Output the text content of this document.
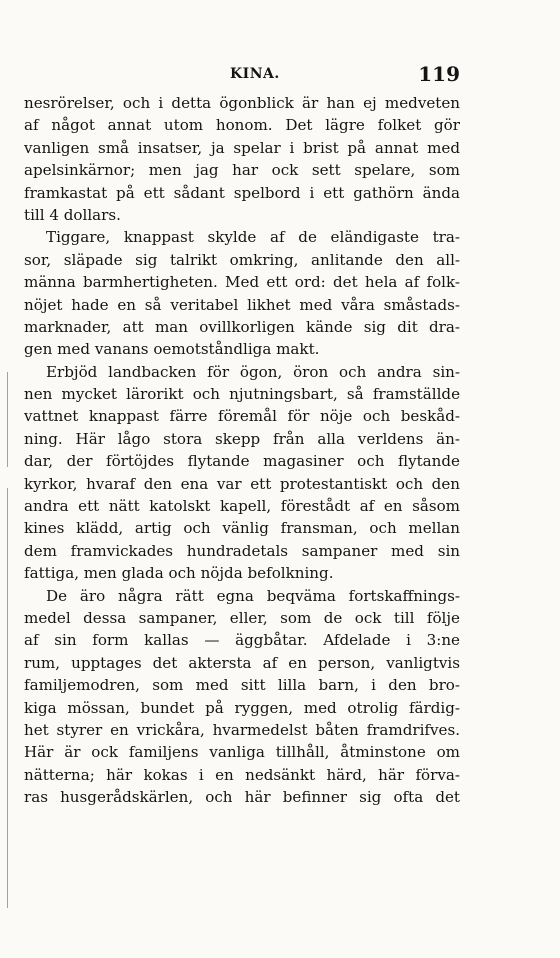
KINA.	119
nesrörelser, och i detta ögonblick är han ej medveten
af något annat utom honom. Det lägre folket gör
vanligen små insatser, ja spelar i brist på annat med
apelsinkärnor; men jag har ock sett spelare, som
framkastat på ett sådant spelbord i ett gathörn ända
till 4 dollars.
Tiggare, knappast skylde af de eländigaste tra-
sor, släpade sig talrikt omkring, anlitande den all-
männa barmhertigheten. Med ett ord: det hela af folk-
nöjet hade en så veritabel likhet med våra småstads-
marknader, att man ovillkorligen kände sig dit dra-
gen med vanans oemotståndliga makt.
Erbjöd landbacken för ögon, öron och andra sin-
nen mycket lärorikt och njutningsbart, så framställde
vattnet knappast färre föremål för nöje och beskåd-
ning. Här lågo stora skepp från alla verldens än-
dar, der förtöjdes flytande magasiner och flytande
kyrkor, hvaraf den ena var ett protestantiskt och den
andra ett nätt katolskt kapell, förestådt af en såsom
kines klädd, artig och vänlig fransman, och mellan
dem framvickades hundradetals sampaner med sin
fattiga, men glada och nöjda befolkning.
De äro några rätt egna beqväma fortskaffnings-
medel dessa sampaner, eller, som de ock till följe
af sin form kallas — äggbåtar. Afdelade i 3:ne
rum, upptages det aktersta af en person, vanligtvis
familjemodren, som med sitt lilla barn, i den bro-
kiga mössan, bundet på ryggen, med otrolig färdig-
het styrer en vrickåra, hvarmedelst båten framdrifves.
Här är ock familjens vanliga tillhåll, åtminstone om
nätterna; här kokas i en nedsänkt härd, här förva-
ras husgerådskärlen, och här befinner sig ofta det
